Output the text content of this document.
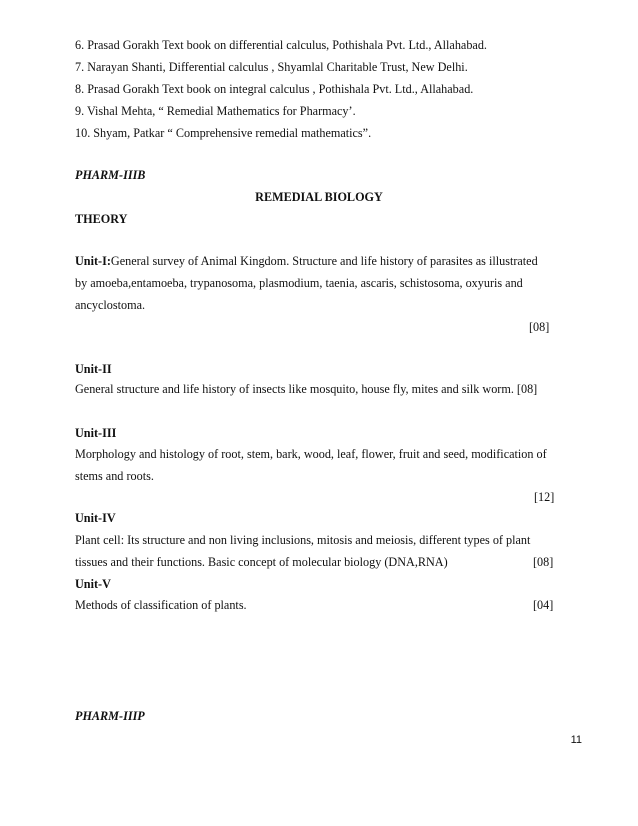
6. Prasad Gorakh Text book on differential calculus, Pothishala Pvt. Ltd., Allahabad.
7. Narayan Shanti, Differential calculus , Shyamlal Charitable Trust, New Delhi.
8. Prasad Gorakh Text book on integral calculus , Pothishala Pvt. Ltd., Allahabad.
9. Vishal Mehta, “ Remedial Mathematics for Pharmacy’.
10. Shyam, Patkar “ Comprehensive remedial mathematics”.
PHARM-IIIB
REMEDIAL BIOLOGY
THEORY
Unit-I:General survey of Animal Kingdom. Structure and life history of parasites as illustrated
by amoeba,entamoeba, trypanosoma, plasmodium, taenia, ascaris, schistosoma, oxyuris and
ancyclostoma.
[08]
Unit-II
General structure and life history of insects like mosquito, house fly, mites and silk worm. [08]
Unit-III
Morphology and histology of root, stem, bark, wood, leaf, flower, fruit and seed, modification of
stems and roots.
[12]
Unit-IV
Plant cell: Its structure and non living inclusions, mitosis and meiosis, different types of plant
tissues and their functions. Basic concept of molecular biology (DNA,RNA)	[08]
Unit-V
Methods of classification of plants.	[04]
PHARM-IIIP
11
